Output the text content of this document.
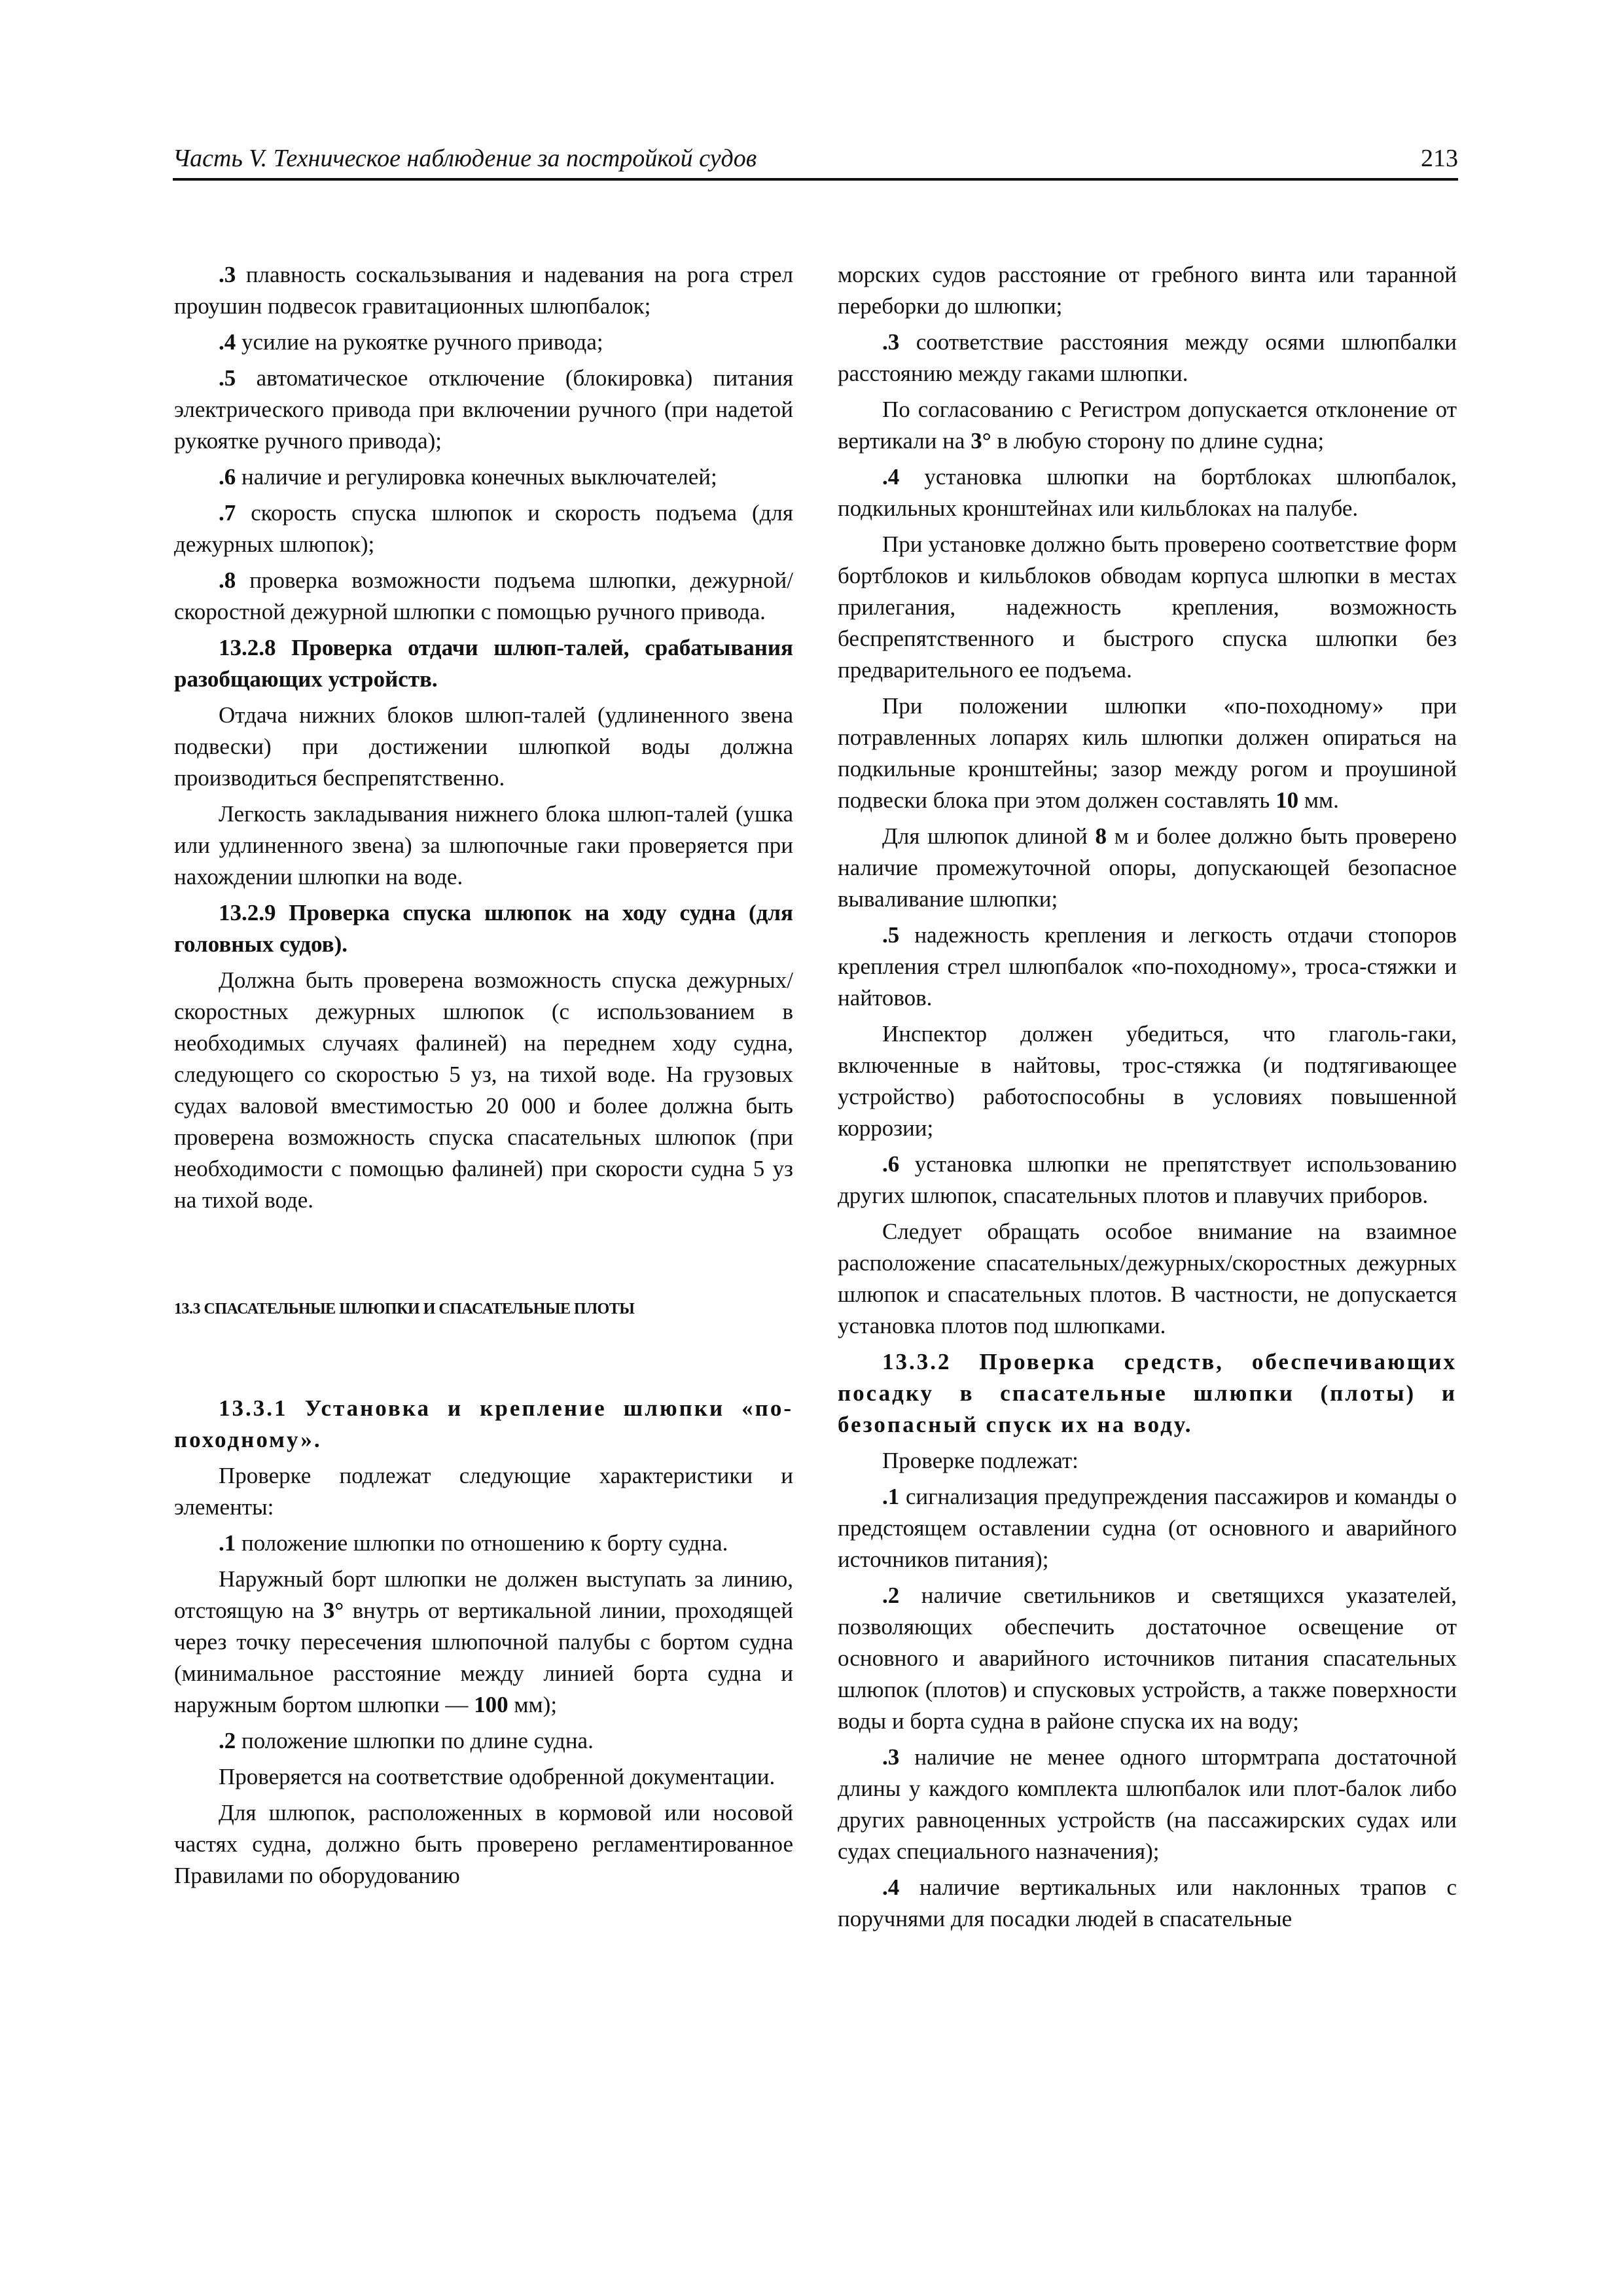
Часть V. Техническое наблюдение за постройкой судов	213

.3 плавность соскальзывания и надевания на рога стрел проушин подвесок гравитационных шлюпбалок;

.4 усилие на рукоятке ручного привода;

.5 автоматическое отключение (блокировка) питания электрического привода при включении ручного (при надетой рукоятке ручного привода);

.6 наличие и регулировка конечных выключателей;

.7 скорость спуска шлюпок и скорость подъема (для дежурных шлюпок);

.8 проверка возможности подъема шлюпки, дежурной/скоростной дежурной шлюпки с помощью ручного привода.

13.2.8 Проверка отдачи шлюп-талей, срабатывания разобщающих устройств.

Отдача нижних блоков шлюп-талей (удлиненного звена подвески) при достижении шлюпкой воды должна производиться беспрепятственно.

Легкость закладывания нижнего блока шлюп-талей (ушка или удлиненного звена) за шлюпочные гаки проверяется при нахождении шлюпки на воде.

13.2.9 Проверка спуска шлюпок на ходу судна (для головных судов).

Должна быть проверена возможность спуска дежурных/скоростных дежурных шлюпок (с использованием в необходимых случаях фалиней) на переднем ходу судна, следующего со скоростью 5 уз, на тихой воде. На грузовых судах валовой вместимостью 20 000 и более должна быть проверена возможность спуска спасательных шлюпок (при необходимости с помощью фалиней) при скорости судна 5 уз на тихой воде.

13.3 СПАСАТЕЛЬНЫЕ ШЛЮПКИ И СПАСАТЕЛЬНЫЕ ПЛОТЫ

13.3.1 Установка и крепление шлюпки «по-походному».

Проверке подлежат следующие характеристики и элементы:

.1 положение шлюпки по отношению к борту судна.

Наружный борт шлюпки не должен выступать за линию, отстоящую на 3° внутрь от вертикальной линии, проходящей через точку пересечения шлюпочной палубы с бортом судна (минимальное расстояние между линией борта судна и наружным бортом шлюпки — 100 мм);

.2 положение шлюпки по длине судна.

Проверяется на соответствие одобренной документации.

Для шлюпок, расположенных в кормовой или носовой частях судна, должно быть проверено регламентированное Правилами по оборудованию

морских судов расстояние от гребного винта или таранной переборки до шлюпки;

.3 соответствие расстояния между осями шлюпбалки расстоянию между гаками шлюпки.

По согласованию с Регистром допускается отклонение от вертикали на 3° в любую сторону по длине судна;

.4 установка шлюпки на бортблоках шлюпбалок, подкильных кронштейнах или кильблоках на палубе.

При установке должно быть проверено соответствие форм бортблоков и кильблоков обводам корпуса шлюпки в местах прилегания, надежность крепления, возможность беспрепятственного и быстрого спуска шлюпки без предварительного ее подъема.

При положении шлюпки «по-походному» при потравленных лопарях киль шлюпки должен опираться на подкильные кронштейны; зазор между рогом и проушиной подвески блока при этом должен составлять 10 мм.

Для шлюпок длиной 8 м и более должно быть проверено наличие промежуточной опоры, допускающей безопасное вываливание шлюпки;

.5 надежность крепления и легкость отдачи стопоров крепления стрел шлюпбалок «по-походному», троса-стяжки и найтовов.

Инспектор должен убедиться, что глаголь-гаки, включенные в найтовы, трос-стяжка (и подтягивающее устройство) работоспособны в условиях повышенной коррозии;

.6 установка шлюпки не препятствует использованию других шлюпок, спасательных плотов и плавучих приборов.

Следует обращать особое внимание на взаимное расположение спасательных/дежурных/скоростных дежурных шлюпок и спасательных плотов. В частности, не допускается установка плотов под шлюпками.

13.3.2 Проверка средств, обеспечивающих посадку в спасательные шлюпки (плоты) и безопасный спуск их на воду.

Проверке подлежат:

.1 сигнализация предупреждения пассажиров и команды о предстоящем оставлении судна (от основного и аварийного источников питания);

.2 наличие светильников и светящихся указателей, позволяющих обеспечить достаточное освещение от основного и аварийного источников питания спасательных шлюпок (плотов) и спусковых устройств, а также поверхности воды и борта судна в районе спуска их на воду;

.3 наличие не менее одного штормтрапа достаточной длины у каждого комплекта шлюпбалок или плот-балок либо других равноценных устройств (на пассажирских судах или судах специального назначения);

.4 наличие вертикальных или наклонных трапов с поручнями для посадки людей в спасательные
